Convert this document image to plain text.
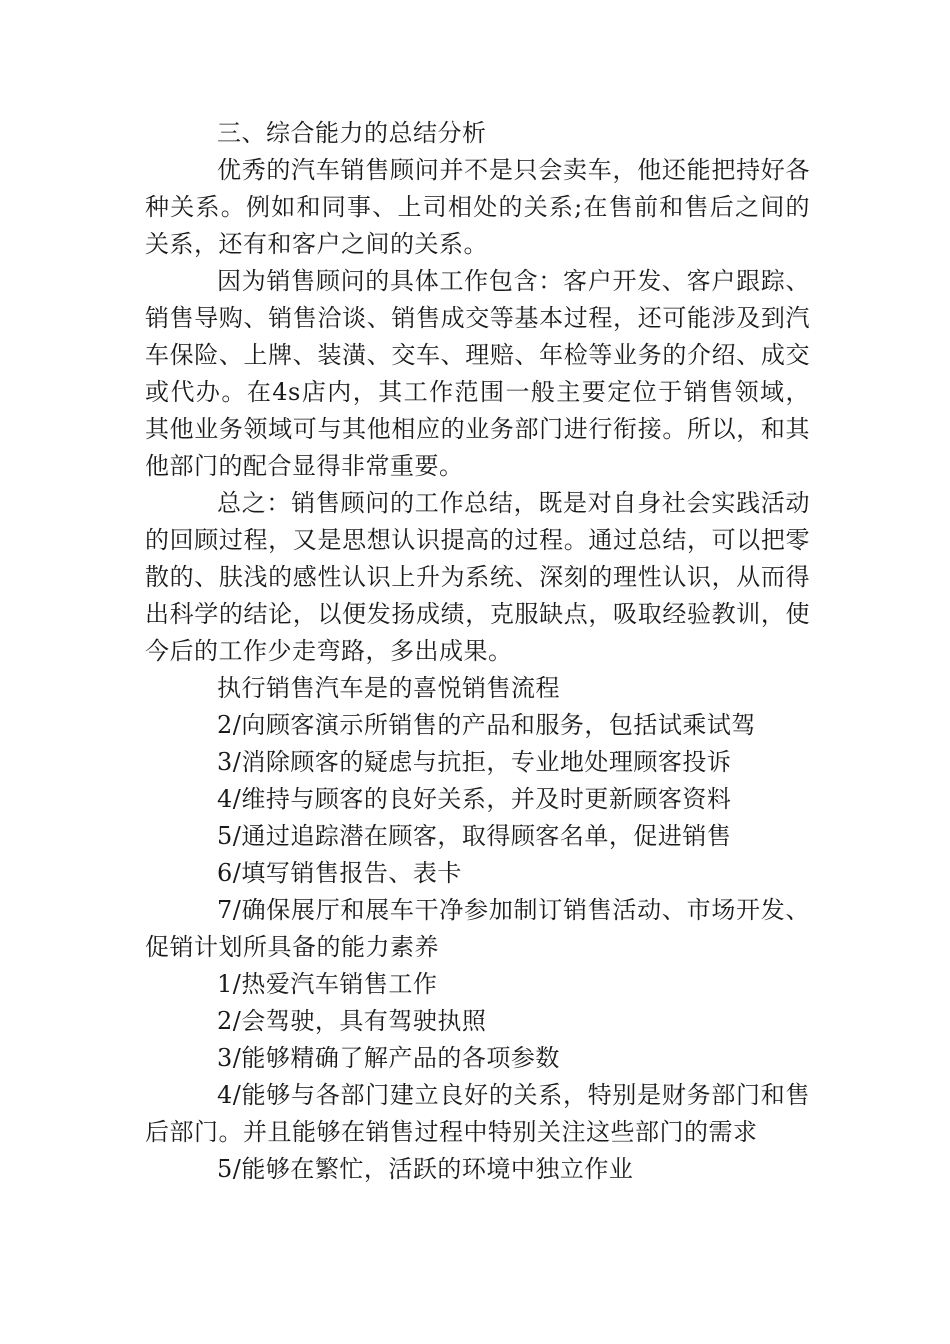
三、综合能力的总结分析

优秀的汽车销售顾问并不是只会卖车，他还能把持好各种关系。例如和同事、上司相处的关系;在售前和售后之间的关系，还有和客户之间的关系。

因为销售顾问的具体工作包含：客户开发、客户跟踪、销售导购、销售洽谈、销售成交等基本过程，还可能涉及到汽车保险、上牌、装潢、交车、理赔、年检等业务的介绍、成交或代办。在4s店内，其工作范围一般主要定位于销售领域，其他业务领域可与其他相应的业务部门进行衔接。所以，和其他部门的配合显得非常重要。

总之：销售顾问的工作总结，既是对自身社会实践活动的回顾过程，又是思想认识提高的过程。通过总结，可以把零散的、肤浅的感性认识上升为系统、深刻的理性认识，从而得出科学的结论，以便发扬成绩，克服缺点，吸取经验教训，使今后的工作少走弯路，多出成果。

执行销售汽车是的喜悦销售流程

2/向顾客演示所销售的产品和服务，包括试乘试驾

3/消除顾客的疑虑与抗拒，专业地处理顾客投诉

4/维持与顾客的良好关系，并及时更新顾客资料

5/通过追踪潜在顾客，取得顾客名单，促进销售

6/填写销售报告、表卡

7/确保展厅和展车干净参加制订销售活动、市场开发、促销计划所具备的能力素养

1/热爱汽车销售工作

2/会驾驶，具有驾驶执照

3/能够精确了解产品的各项参数

4/能够与各部门建立良好的关系，特别是财务部门和售后部门。并且能够在销售过程中特别关注这些部门的需求

5/能够在繁忙，活跃的环境中独立作业
